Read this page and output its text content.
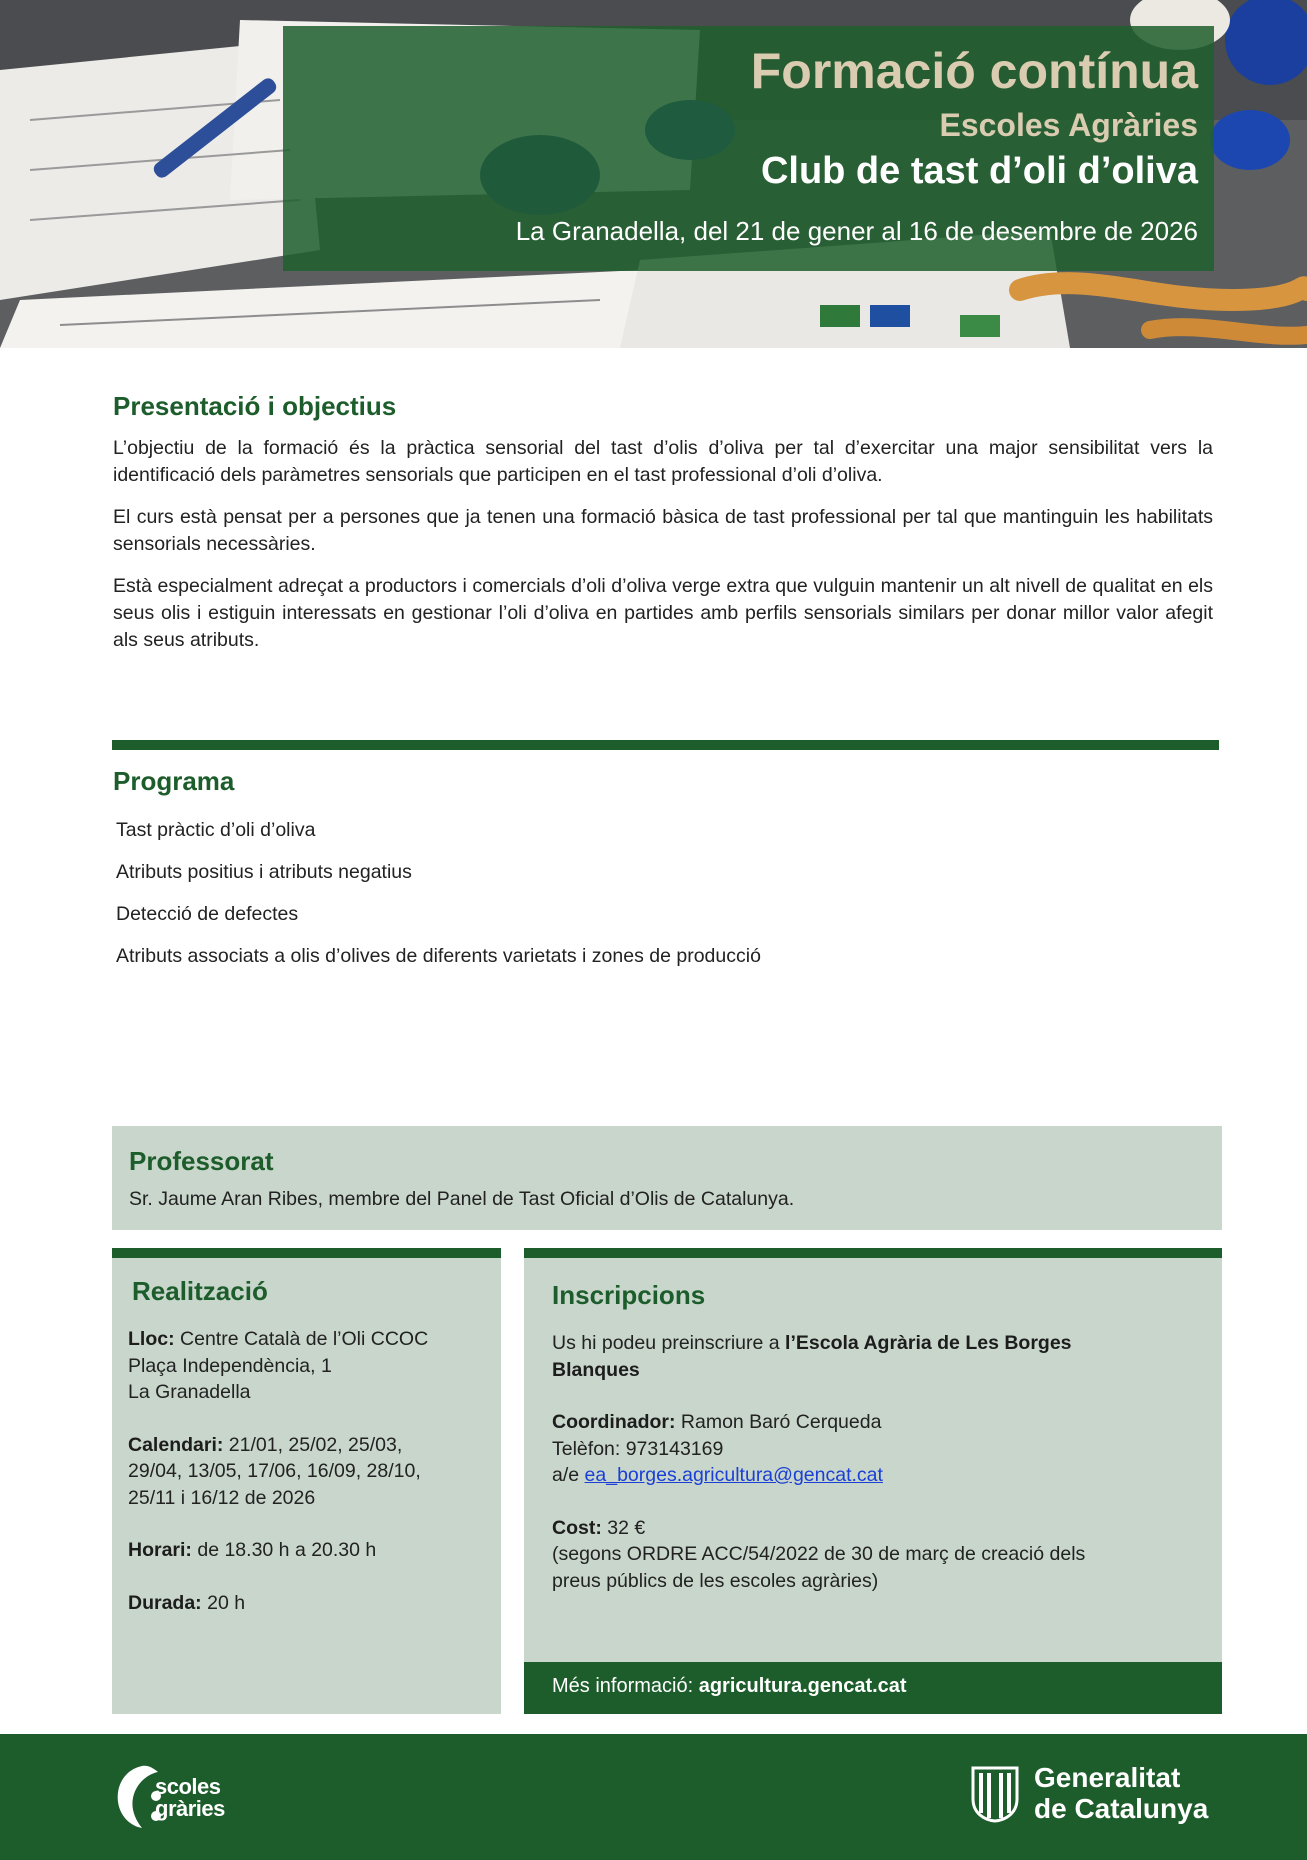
Formació contínua
Escoles Agràries
Club de tast d’oli d’oliva
La Granadella, del 21 de gener al 16 de desembre de 2026
Presentació i objectius

L’objectiu de la formació és la pràctica sensorial del tast d’olis d’oliva per tal d’exercitar una major sensibilitat vers la identificació dels paràmetres sensorials que participen en el tast professional d’oli d’oliva.

El curs està pensat per a persones que ja tenen una formació bàsica de tast professional per tal que mantinguin les habilitats sensorials necessàries.

Està especialment adreçat a productors i comercials d’oli d’oliva verge extra que vulguin mantenir un alt nivell de qualitat en els seus olis i estiguin interessats en gestionar l’oli d’oliva en partides amb perfils sensorials similars per donar millor valor afegit als seus atributs.

Programa
Tast pràctic d’oli d’oliva
Atributs positius i atributs negatius
Detecció de defectes
Atributs associats a olis d’olives de diferents varietats i zones de producció
Professorat
Sr. Jaume Aran Ribes, membre del Panel de Tast Oficial d’Olis de Catalunya.
Realització
Lloc: Centre Català de l’Oli CCOC
Plaça Independència, 1
La Granadella
Calendari: 21/01, 25/02, 25/03,
29/04, 13/05, 17/06, 16/09, 28/10,
25/11 i 16/12 de 2026
Horari: de 18.30 h a 20.30 h
Durada: 20 h
Inscripcions
Us hi podeu preinscriure a l’Escola Agrària de Les Borges
Blanques
Coordinador: Ramon Baró Cerqueda
Telèfon: 973143169
a/e ea_borges.agricultura@gencat.cat
Cost: 32 €
(segons ORDRE ACC/54/2022 de 30 de març de creació dels
preus públics de les escoles agràries)
Més informació: agricultura.gencat.cat
scoles
gràries
Generalitat
de Catalunya
